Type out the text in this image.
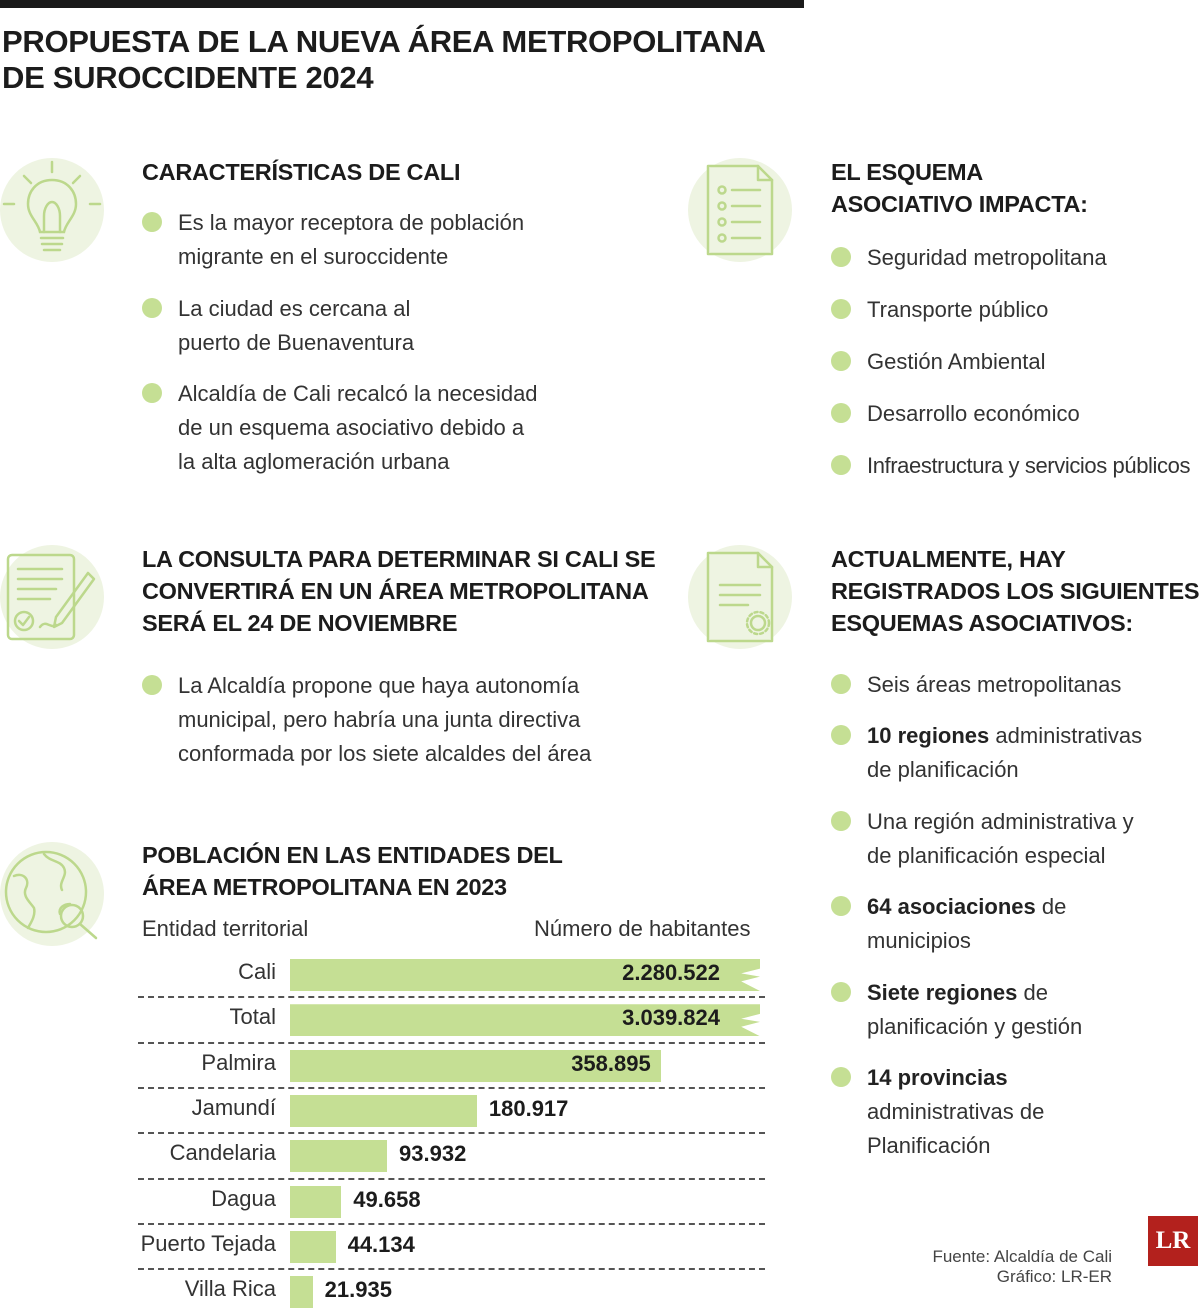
PROPUESTA DE LA NUEVA ÁREA METROPOLITANA
DE SUROCCIDENTE 2024
CARACTERÍSTICAS DE CALI
Es la mayor receptora de población
migrante en el suroccidente
La ciudad es cercana al
puerto de Buenaventura
Alcaldía de Cali recalcó la necesidad
de un esquema asociativo debido a
la alta aglomeración urbana
LA CONSULTA PARA DETERMINAR SI CALI SE
CONVERTIRÁ EN UN ÁREA METROPOLITANA
SERÁ EL 24 DE NOVIEMBRE
La Alcaldía propone que haya autonomía
municipal, pero habría una junta directiva
conformada por los siete alcaldes del área
POBLACIÓN EN LAS ENTIDADES DEL
ÁREA METROPOLITANA EN 2023
Entidad territorial	Número de habitantes
Cali	2.280.522
Total	3.039.824
Palmira	358.895
Jamundí	180.917
Candelaria	93.932
Dagua	49.658
Puerto Tejada	44.134
Villa Rica 21.935
EL ESQUEMA
ASOCIATIVO IMPACTA:
Seguridad metropolitana
Transporte público
Gestión Ambiental
Desarrollo económico
Infraestructura y servicios públicos
ACTUALMENTE, HAY
REGISTRADOS LOS SIGUIENTES
ESQUEMAS ASOCIATIVOS:
Seis áreas metropolitanas
10 regiones administrativas
de planificación
Una región administrativa y
de planificación especial
64 asociaciones de
municipios
Siete regiones de
planificación y gestión
14 provincias
administrativas de
Planificación
Fuente: Alcaldía de Cali
Gráfico: LR-ER
LR
